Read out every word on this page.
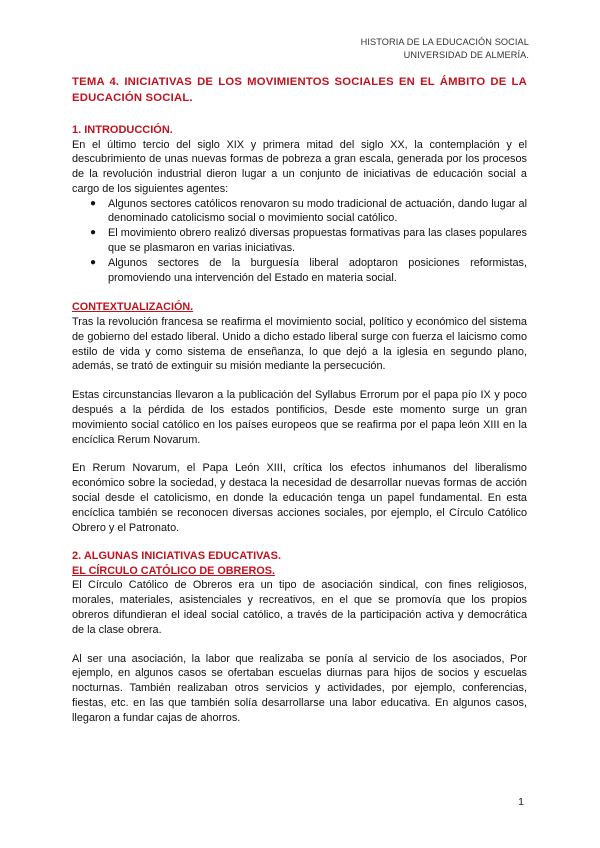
HISTORIA DE LA EDUCACIÓN SOCIAL
UNIVERSIDAD DE ALMERÍA.
TEMA 4. INICIATIVAS DE LOS MOVIMIENTOS SOCIALES EN EL ÁMBITO DE LA EDUCACIÓN SOCIAL.
1. INTRODUCCIÓN.

En el último tercio del siglo XIX y primera mitad del siglo XX, la contemplación y el descubrimiento de unas nuevas formas de pobreza a gran escala, generada por los procesos de la revolución industrial dieron lugar a un conjunto de iniciativas de educación social a cargo de los siguientes agentes:

● Algunos sectores católicos renovaron su modo tradicional de actuación, dando lugar al denominado catolicismo social o movimiento social católico.
● El movimiento obrero realizó diversas propuestas formativas para las clases populares que se plasmaron en varias iniciativas.
● Algunos sectores de la burguesía liberal adoptaron posiciones reformistas, promoviendo una intervención del Estado en materia social.
CONTEXTUALIZACIÓN.

Tras la revolución francesa se reafirma el movimiento social, político y económico del sistema de gobierno del estado liberal. Unido a dicho estado liberal surge con fuerza el laicismo como estilo de vida y como sistema de enseñanza, lo que dejó a la iglesia en segundo plano, además, se trató de extinguir su misión mediante la persecución.

Estas circunstancias llevaron a la publicación del Syllabus Errorum por el papa pío IX y poco después a la pérdida de los estados pontificios, Desde este momento surge un gran movimiento social católico en los países europeos que se reafirma por el papa león XIII en la encíclica Rerum Novarum.

En Rerum Novarum, el Papa León XIII, crítica los efectos inhumanos del liberalismo económico sobre la sociedad, y destaca la necesidad de desarrollar nuevas formas de acción social desde el catolicismo, en donde la educación tenga un papel fundamental. En esta encíclica también se reconocen diversas acciones sociales, por ejemplo, el Círculo Católico Obrero y el Patronato.

2. ALGUNAS INICIATIVAS EDUCATIVAS.
EL CÍRCULO CATÓLICO DE OBREROS.

El Círculo Católico de Obreros era un tipo de asociación sindical, con fines religiosos, morales, materiales, asistenciales y recreativos, en el que se promovía que los propios obreros difundieran el ideal social católico, a través de la participación activa y democrática de la clase obrera.

Al ser una asociación, la labor que realizaba se ponía al servicio de los asociados, Por ejemplo, en algunos casos se ofertaban escuelas diurnas para hijos de socios y escuelas nocturnas. También realizaban otros servicios y actividades, por ejemplo, conferencias, fiestas, etc. en las que también solía desarrollarse una labor educativa. En algunos casos, llegaron a fundar cajas de ahorros.

1
